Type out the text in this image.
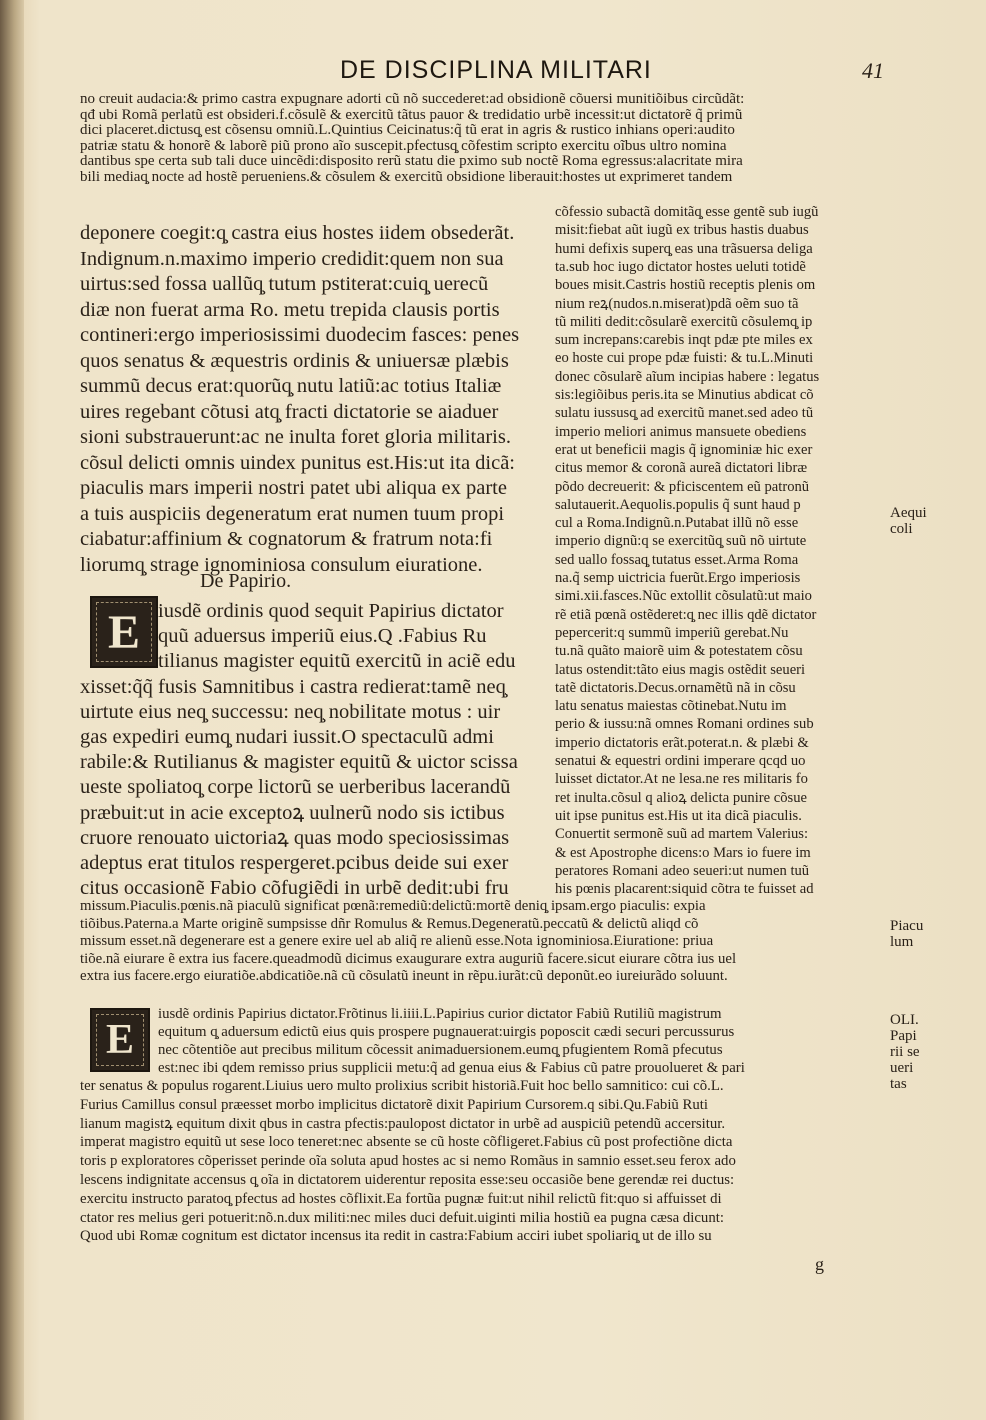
DE DISCIPLINA MILITARI	41
no creuit audacia:& primo castra expugnare adorti cũ nõ succederet:ad obsidionẽ cõuersi munitiõibus circũdãt:
qđ ubi Romã perlatũ est obsideri.f.cõsulẽ & exercitũ tãtus pauor & tredidatio urbẽ incessit:ut dictatorẽ q̃ primũ
dici placeret.dictusq̧ est cõsensu omniũ.L.Quintius Ceicinatus:q̃ tũ erat in agris & rustico inhians operi:audito
patriæ statu & honorẽ & laborẽ piũ prono aĩo suscepit.pfectusq̧ cõfestim scripto exercitu oĩbus ultro nomina
dantibus spe certa sub tali duce uincẽdi:disposito rerũ statu die pximo sub noctẽ Roma egressus:alacritate mira
bili mediaq̧ nocte ad hostẽ perueniens.& cõsulem & exercitũ obsidione liberauit:hostes ut exprimeret tandem
deponere coegit:q̧ castra eius hostes iidem obsederãt.
Indignum.n.maximo imperio credidit:quem non sua
uirtus:sed fossa uallũq̧ tutum pstiterat:cuiq̧ uerecũ
diæ non fuerat arma Ro. metu trepida clausis portis
contineri:ergo imperiosissimi duodecim fasces: penes
quos senatus & æquestris ordinis & uniuersæ plæbis
summũ decus erat:quorũq̧ nutu latiũ:ac totius Italiæ
uires regebant cõtusi atq̧ fracti dictatorie se aiaduer
sioni substrauerunt:ac ne inulta foret gloria militaris.
cõsul delicti omnis uindex punitus est.His:ut ita dicã:
piaculis mars imperii nostri patet ubi aliqua ex parte
a tuis auspiciis degeneratum erat numen tuum propi
ciabatur:affinium & cognatorum & fratrum nota:fi
liorumq̧ strage ignominiosa consulum eiuratione.
De Papirio.
E iusdẽ ordinis quod sequit Papirius dictator
quũ aduersus imperiũ eius.Q .Fabius Ru
tilianus magister equitũ exercitũ in aciẽ edu
xisset:q̃q̃ fusis Samnitibus i castra redierat:tamẽ neq̧
uirtute eius neq̧ successu: neq̧ nobilitate motus : uir
gas expediri eumq̧ nudari iussit.O spectaculũ admi
rabile:& Rutilianus & magister equitũ & uictor scissa
ueste spoliatoq̧ corpe lictorũ se uerberibus lacerandũ
præbuit:ut in acie exceptoꝝ uulnerũ nodo sis ictibus
cruore renouato uictoriaꝝ quas modo speciosissimas
adeptus erat titulos respergeret.pcibus deide sui exer
citus occasionẽ Fabio cõfugiẽdi in urbẽ dedit:ubi fru
cõfessio subactã domitãq̧ esse gentẽ sub iugũ
misit:fiebat aũt iugũ ex tribus hastis duabus
humi defixis superq̧ eas una trãsuersa deliga
ta.sub hoc iugo dictator hostes ueluti totidẽ
boues misit.Castris hostiũ receptis plenis om
nium reꝝ(nudos.n.miserat)pdã oẽm suo tã
tũ militi dedit:cõsularẽ exercitũ cõsulemq̧ ip
sum increpans:carebis inqt pdæ pte miles ex
eo hoste cui prope pdæ fuisti: & tu.L.Minuti
donec cõsularẽ aĩum incipias habere : legatus
sis:legiõibus peris.ita se Minutius abdicat cõ
sulatu iussusq̧ ad exercitũ manet.sed adeo tũ
imperio meliori animus mansuete obediens
erat ut beneficii magis q̃ ignominiæ hic exer
citus memor & coronã aureã dictatori libræ
põdo decreuerit: & pficiscentem eũ patronũ
salutauerit.Aequolis.populis q̃ sunt haud p
cul a Roma.Indignũ.n.Putabat illũ nõ esse
imperio dignũ:q se exercitũq̧ suũ nõ uirtute
sed uallo fossaq̧ tutatus esset.Arma Roma
na.q̃ semp uictricia fuerũt.Ergo imperiosis
simi.xii.fasces.Nũc extollit cõsulatũ:ut maio
rẽ etiã pœnã ostẽderet:q̧ nec illis qdẽ dictator
pepercerit:q summũ imperiũ gerebat.Nu
tu.nã quãto maiorẽ uim & potestatem cõsu
latus ostendit:tãto eius magis ostẽdit seueri
tatẽ dictatoris.Decus.ornamẽtũ nã in cõsu
latu senatus maiestas cõtinebat.Nutu im
perio & iussu:nã omnes Romani ordines sub
imperio dictatoris erãt.poterat.n. & plæbi &
senatui & equestri ordini imperare qcqd uo
luisset dictator.At ne lesa.ne res militaris fo
ret inulta.cõsul q alioꝝ delicta punire cõsue
uit ipse punitus est.His ut ita dicã piaculis.
Conuertit sermonẽ suũ ad martem Valerius:
& est Apostrophe dicens:o Mars io fuere im
peratores Romani adeo seueri:ut numen tuũ
his pœnis placarent:siquid cõtra te fuisset ad
missum.Piaculis.pœnis.nã piaculũ significat pœnã:remediũ:delictũ:mortẽ deniq̧ ipsam.ergo piaculis: expia
tiõibus.Paterna.a Marte originẽ sumpsisse dñr Romulus & Remus.Degeneratũ.peccatũ & delictũ aliqd cõ
missum esset.nã degenerare est a genere exire uel ab aliq̃ re alienũ esse.Nota ignominiosa.Eiuratione: priua
tiõe.nã eiurare ẽ extra ius facere.queadmodũ dicimus exaugurare extra auguriũ facere.sicut eiurare cõtra ius uel
extra ius facere.ergo eiuratiõe.abdicatiõe.nã cũ cõsulatũ ineunt in rẽpu.iurãt:cũ deponũt.eo iureiurãdo soluunt.
E
iusdẽ ordinis Papirius dictator.Frõtinus li.iiii.L.Papirius curior dictator Fabiũ Rutiliũ magistrum
equitum q̧ aduersum edictũ eius quis prospere pugnauerat:uirgis poposcit cædi securi percussurus
nec cõtentiõe aut precibus militum cõcessit animaduersionem.eumq̧ pfugientem Romã pfecutus
est:nec ibi qdem remisso prius supplicii metu:q̃ ad genua eius & Fabius cũ patre prouolueret & pari
ter senatus & populus rogarent.Liuius uero multo prolixius scribit historiã.Fuit hoc bello samnitico: cui cõ.L.
Furius Camillus consul præesset morbo implicitus dictatorẽ dixit Papirium Cursorem.q sibi.Qu.Fabiũ Ruti
lianum magistꝝ equitum dixit qbus in castra pfectis:paulopost dictator in urbẽ ad auspiciũ petendũ accersitur.
imperat magistro equitũ ut sese loco teneret:nec absente se cũ hoste cõfligeret.Fabius cũ post profectiõne dicta
toris p exploratores cõperisset perinde oĩa soluta apud hostes ac si nemo Romãus in samnio esset.seu ferox ado
lescens indignitate accensus q̧ oĩa in dictatorem uiderentur reposita esse:seu occasiõe bene gerendæ rei ductus:
exercitu instructo paratoq̧ pfectus ad hostes cõflixit.Ea fortũa pugnæ fuit:ut nihil relictũ fit:quo si affuisset di
ctator res melius geri potuerit:nõ.n.dux militi:nec miles duci defuit.uiginti milia hostiũ ea pugna cæsa dicunt:
Quod ubi Romæ cognitum est dictator incensus ita redit in castra:Fabium acciri iubet spoliariq̧ ut de illo su
Aequi
coli
Piacu
lum
OLI.
Papi
rii se
ueri
tas
g
